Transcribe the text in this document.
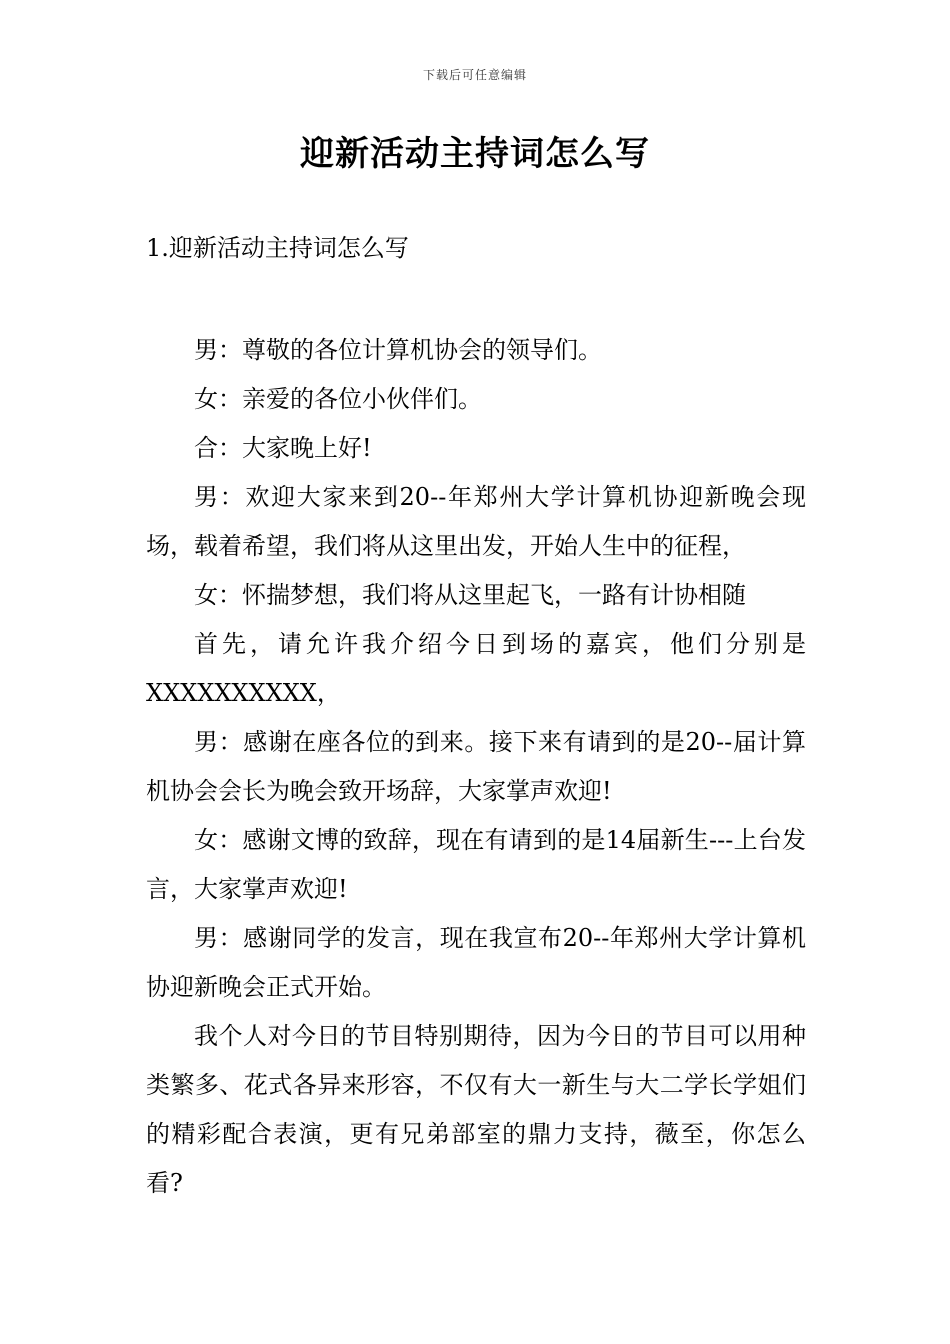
下载后可任意编辑
迎新活动主持词怎么写
1.迎新活动主持词怎么写

男：尊敬的各位计算机协会的领导们。

女：亲爱的各位小伙伴们。

合：大家晚上好!

男：欢迎大家来到20--年郑州大学计算机协迎新晚会现场，载着希望，我们将从这里出发，开始人生中的征程，

女：怀揣梦想，我们将从这里起飞，一路有计协相随

首先，请允许我介绍今日到场的嘉宾，他们分别是XXXXXXXXXX，

男：感谢在座各位的到来。接下来有请到的是20--届计算机协会会长为晚会致开场辞，大家掌声欢迎!

女：感谢文博的致辞，现在有请到的是14届新生---上台发言，大家掌声欢迎!

男：感谢同学的发言，现在我宣布20--年郑州大学计算机协迎新晚会正式开始。

我个人对今日的节目特别期待，因为今日的节目可以用种类繁多、花式各异来形容，不仅有大一新生与大二学长学姐们的精彩配合表演，更有兄弟部室的鼎力支持，薇至，你怎么看?
